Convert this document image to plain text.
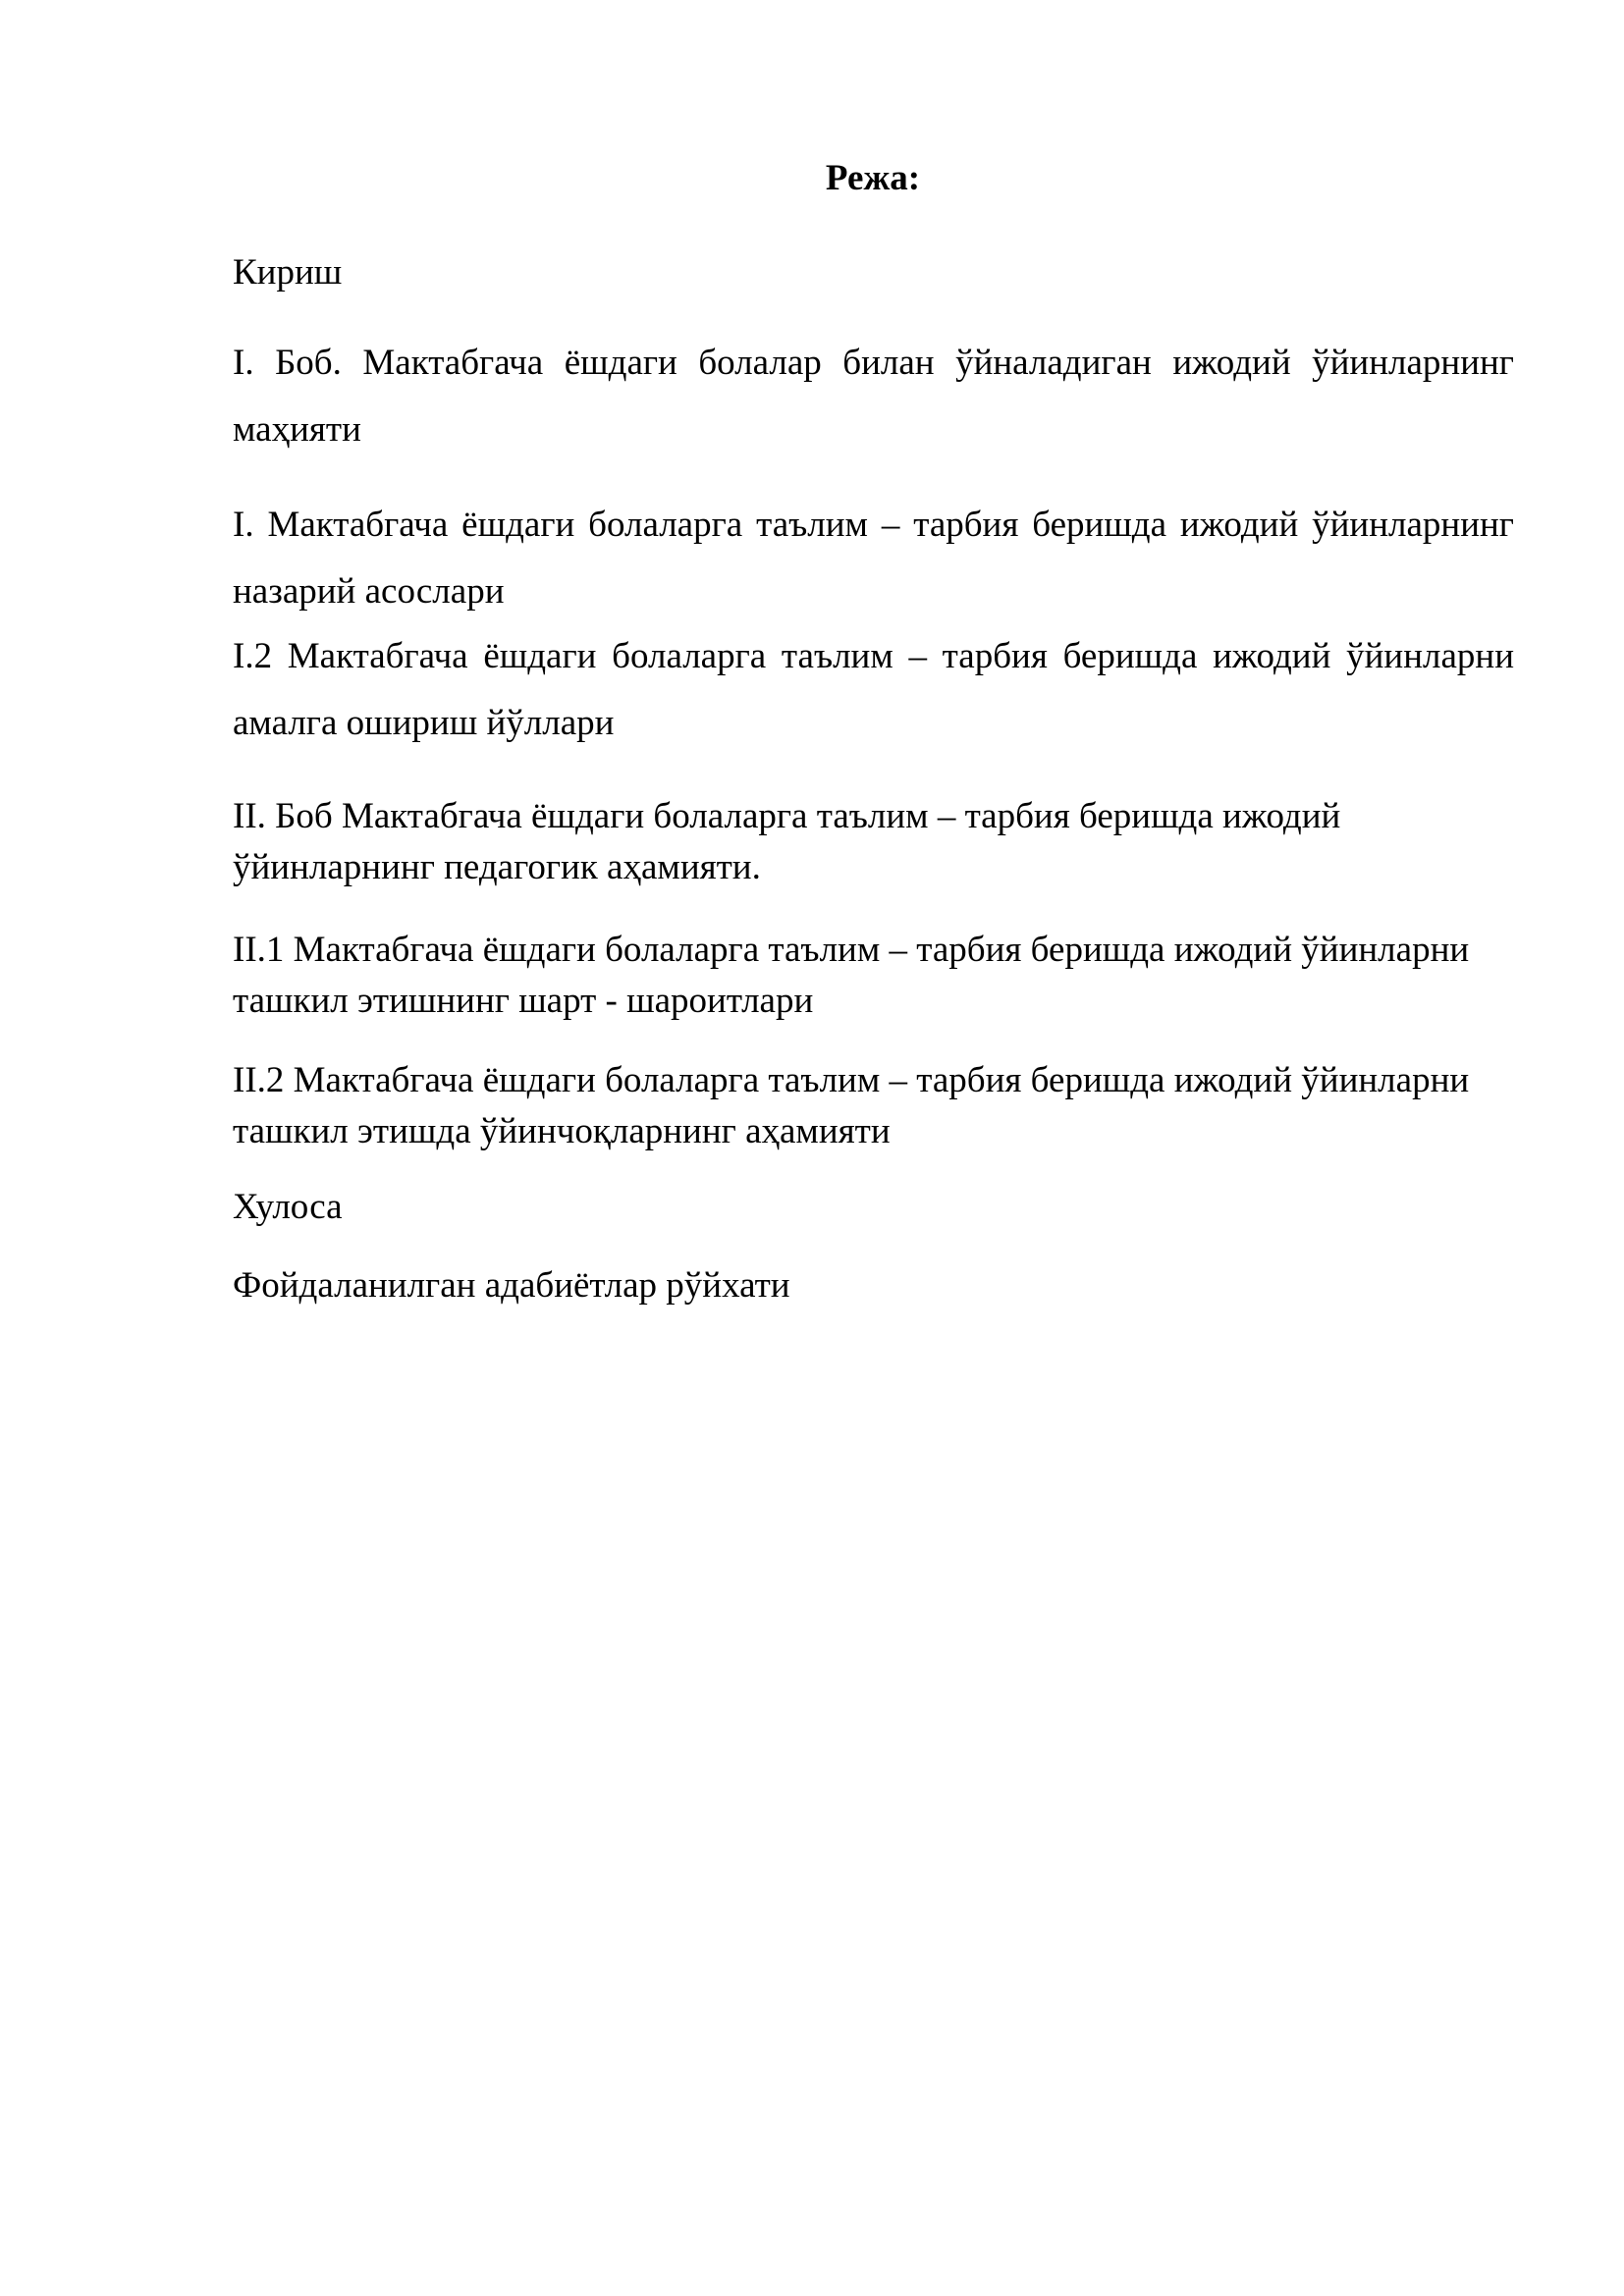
Режа:

Кириш

I. Боб. Мактабгача ёшдаги болалар билан ўйналадиган ижодий ўйинларнинг маҳияти

I. Мактабгача ёшдаги болаларга таълим – тарбия беришда ижодий ўйинларнинг назарий асослари

I.2 Мактабгача ёшдаги болаларга таълим – тарбия беришда ижодий ўйинларни амалга ошириш йўллари

II. Боб Мактабгача ёшдаги болаларга таълим – тарбия беришда ижодий ўйинларнинг педагогик аҳамияти.

II.1 Мактабгача ёшдаги болаларга таълим – тарбия беришда ижодий ўйинларни ташкил этишнинг шарт - шароитлари

II.2 Мактабгача ёшдаги болаларга таълим – тарбия беришда ижодий ўйинларни ташкил этишда ўйинчоқларнинг аҳамияти

Хулоса

Фойдаланилган адабиётлар рўйхати
